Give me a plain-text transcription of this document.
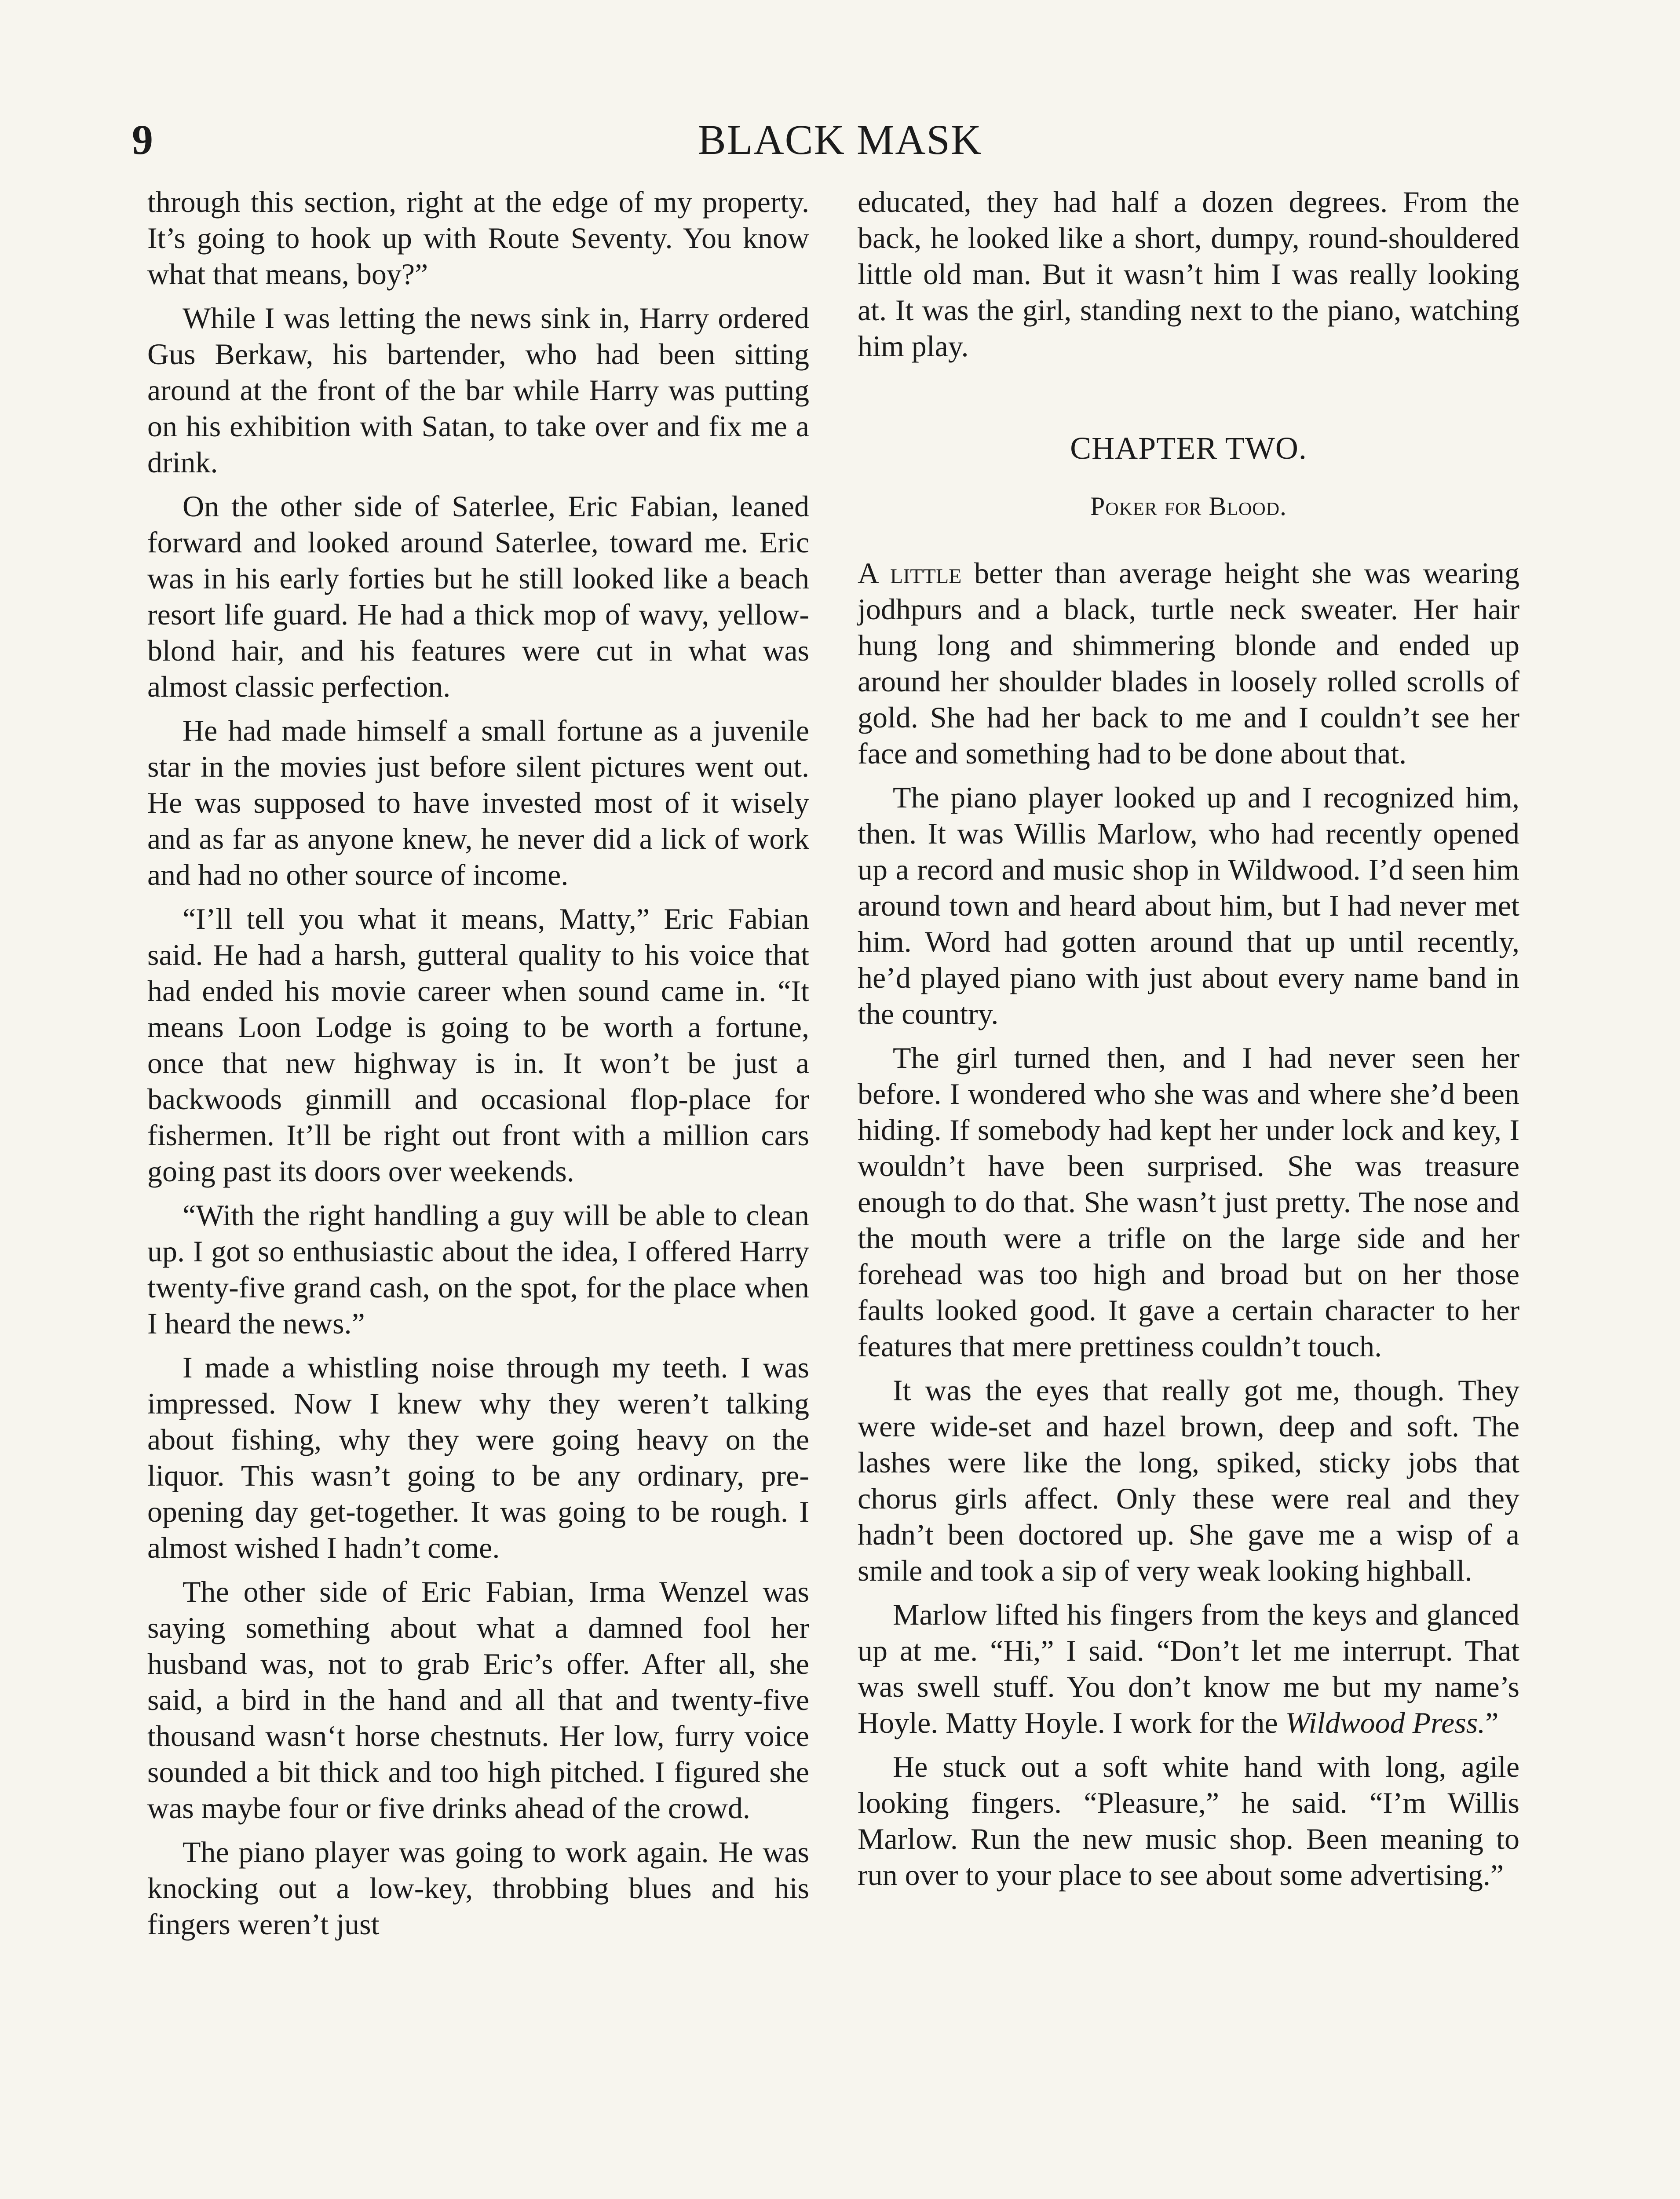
9	BLACK MASK

through this section, right at the edge of my property. It’s going to hook up with Route Seventy. You know what that means, boy?”

While I was letting the news sink in, Harry ordered Gus Berkaw, his bartender, who had been sitting around at the front of the bar while Harry was putting on his exhibition with Satan, to take over and fix me a drink.

On the other side of Saterlee, Eric Fabian, leaned forward and looked around Saterlee, toward me. Eric was in his early forties but he still looked like a beach resort life guard. He had a thick mop of wavy, yellow-blond hair, and his features were cut in what was almost classic perfection.

He had made himself a small fortune as a juvenile star in the movies just before silent pictures went out. He was supposed to have invested most of it wisely and as far as anyone knew, he never did a lick of work and had no other source of income.

“I’ll tell you what it means, Matty,” Eric Fabian said. He had a harsh, gutteral quality to his voice that had ended his movie career when sound came in. “It means Loon Lodge is going to be worth a fortune, once that new highway is in. It won’t be just a backwoods ginmill and occasional flop-place for fishermen. It’ll be right out front with a million cars going past its doors over weekends.

“With the right handling a guy will be able to clean up. I got so enthusiastic about the idea, I offered Harry twenty-five grand cash, on the spot, for the place when I heard the news.”

I made a whistling noise through my teeth. I was impressed. Now I knew why they weren’t talking about fishing, why they were going heavy on the liquor. This wasn’t going to be any ordinary, pre-opening day get-together. It was going to be rough. I almost wished I hadn’t come.

The other side of Eric Fabian, Irma Wenzel was saying something about what a damned fool her husband was, not to grab Eric’s offer. After all, she said, a bird in the hand and all that and twenty-five thousand wasn‘t horse chestnuts. Her low, furry voice sounded a bit thick and too high pitched. I figured she was maybe four or five drinks ahead of the crowd.

The piano player was going to work again. He was knocking out a low-key, throbbing blues and his fingers weren’t just

educated, they had half a dozen degrees. From the back, he looked like a short, dumpy, round-shouldered little old man. But it wasn’t him I was really looking at. It was the girl, standing next to the piano, watching him play.

CHAPTER TWO.
Poker for Blood.

A little better than average height she was wearing jodhpurs and a black, turtle neck sweater. Her hair hung long and shimmering blonde and ended up around her shoulder blades in loosely rolled scrolls of gold. She had her back to me and I couldn’t see her face and something had to be done about that.

The piano player looked up and I recognized him, then. It was Willis Marlow, who had recently opened up a record and music shop in Wildwood. I’d seen him around town and heard about him, but I had never met him. Word had gotten around that up until recently, he’d played piano with just about every name band in the country.

The girl turned then, and I had never seen her before. I wondered who she was and where she’d been hiding. If somebody had kept her under lock and key, I wouldn’t have been surprised. She was treasure enough to do that. She wasn’t just pretty. The nose and the mouth were a trifle on the large side and her forehead was too high and broad but on her those faults looked good. It gave a certain character to her features that mere prettiness couldn’t touch.

It was the eyes that really got me, though. They were wide-set and hazel brown, deep and soft. The lashes were like the long, spiked, sticky jobs that chorus girls affect. Only these were real and they hadn’t been doctored up. She gave me a wisp of a smile and took a sip of very weak looking highball.

Marlow lifted his fingers from the keys and glanced up at me. “Hi,” I said. “Don’t let me interrupt. That was swell stuff. You don’t know me but my name’s Hoyle. Matty Hoyle. I work for the Wildwood Press.”

He stuck out a soft white hand with long, agile looking fingers. “Pleasure,” he said. “I’m Willis Marlow. Run the new music shop. Been meaning to run over to your place to see about some advertising.”
